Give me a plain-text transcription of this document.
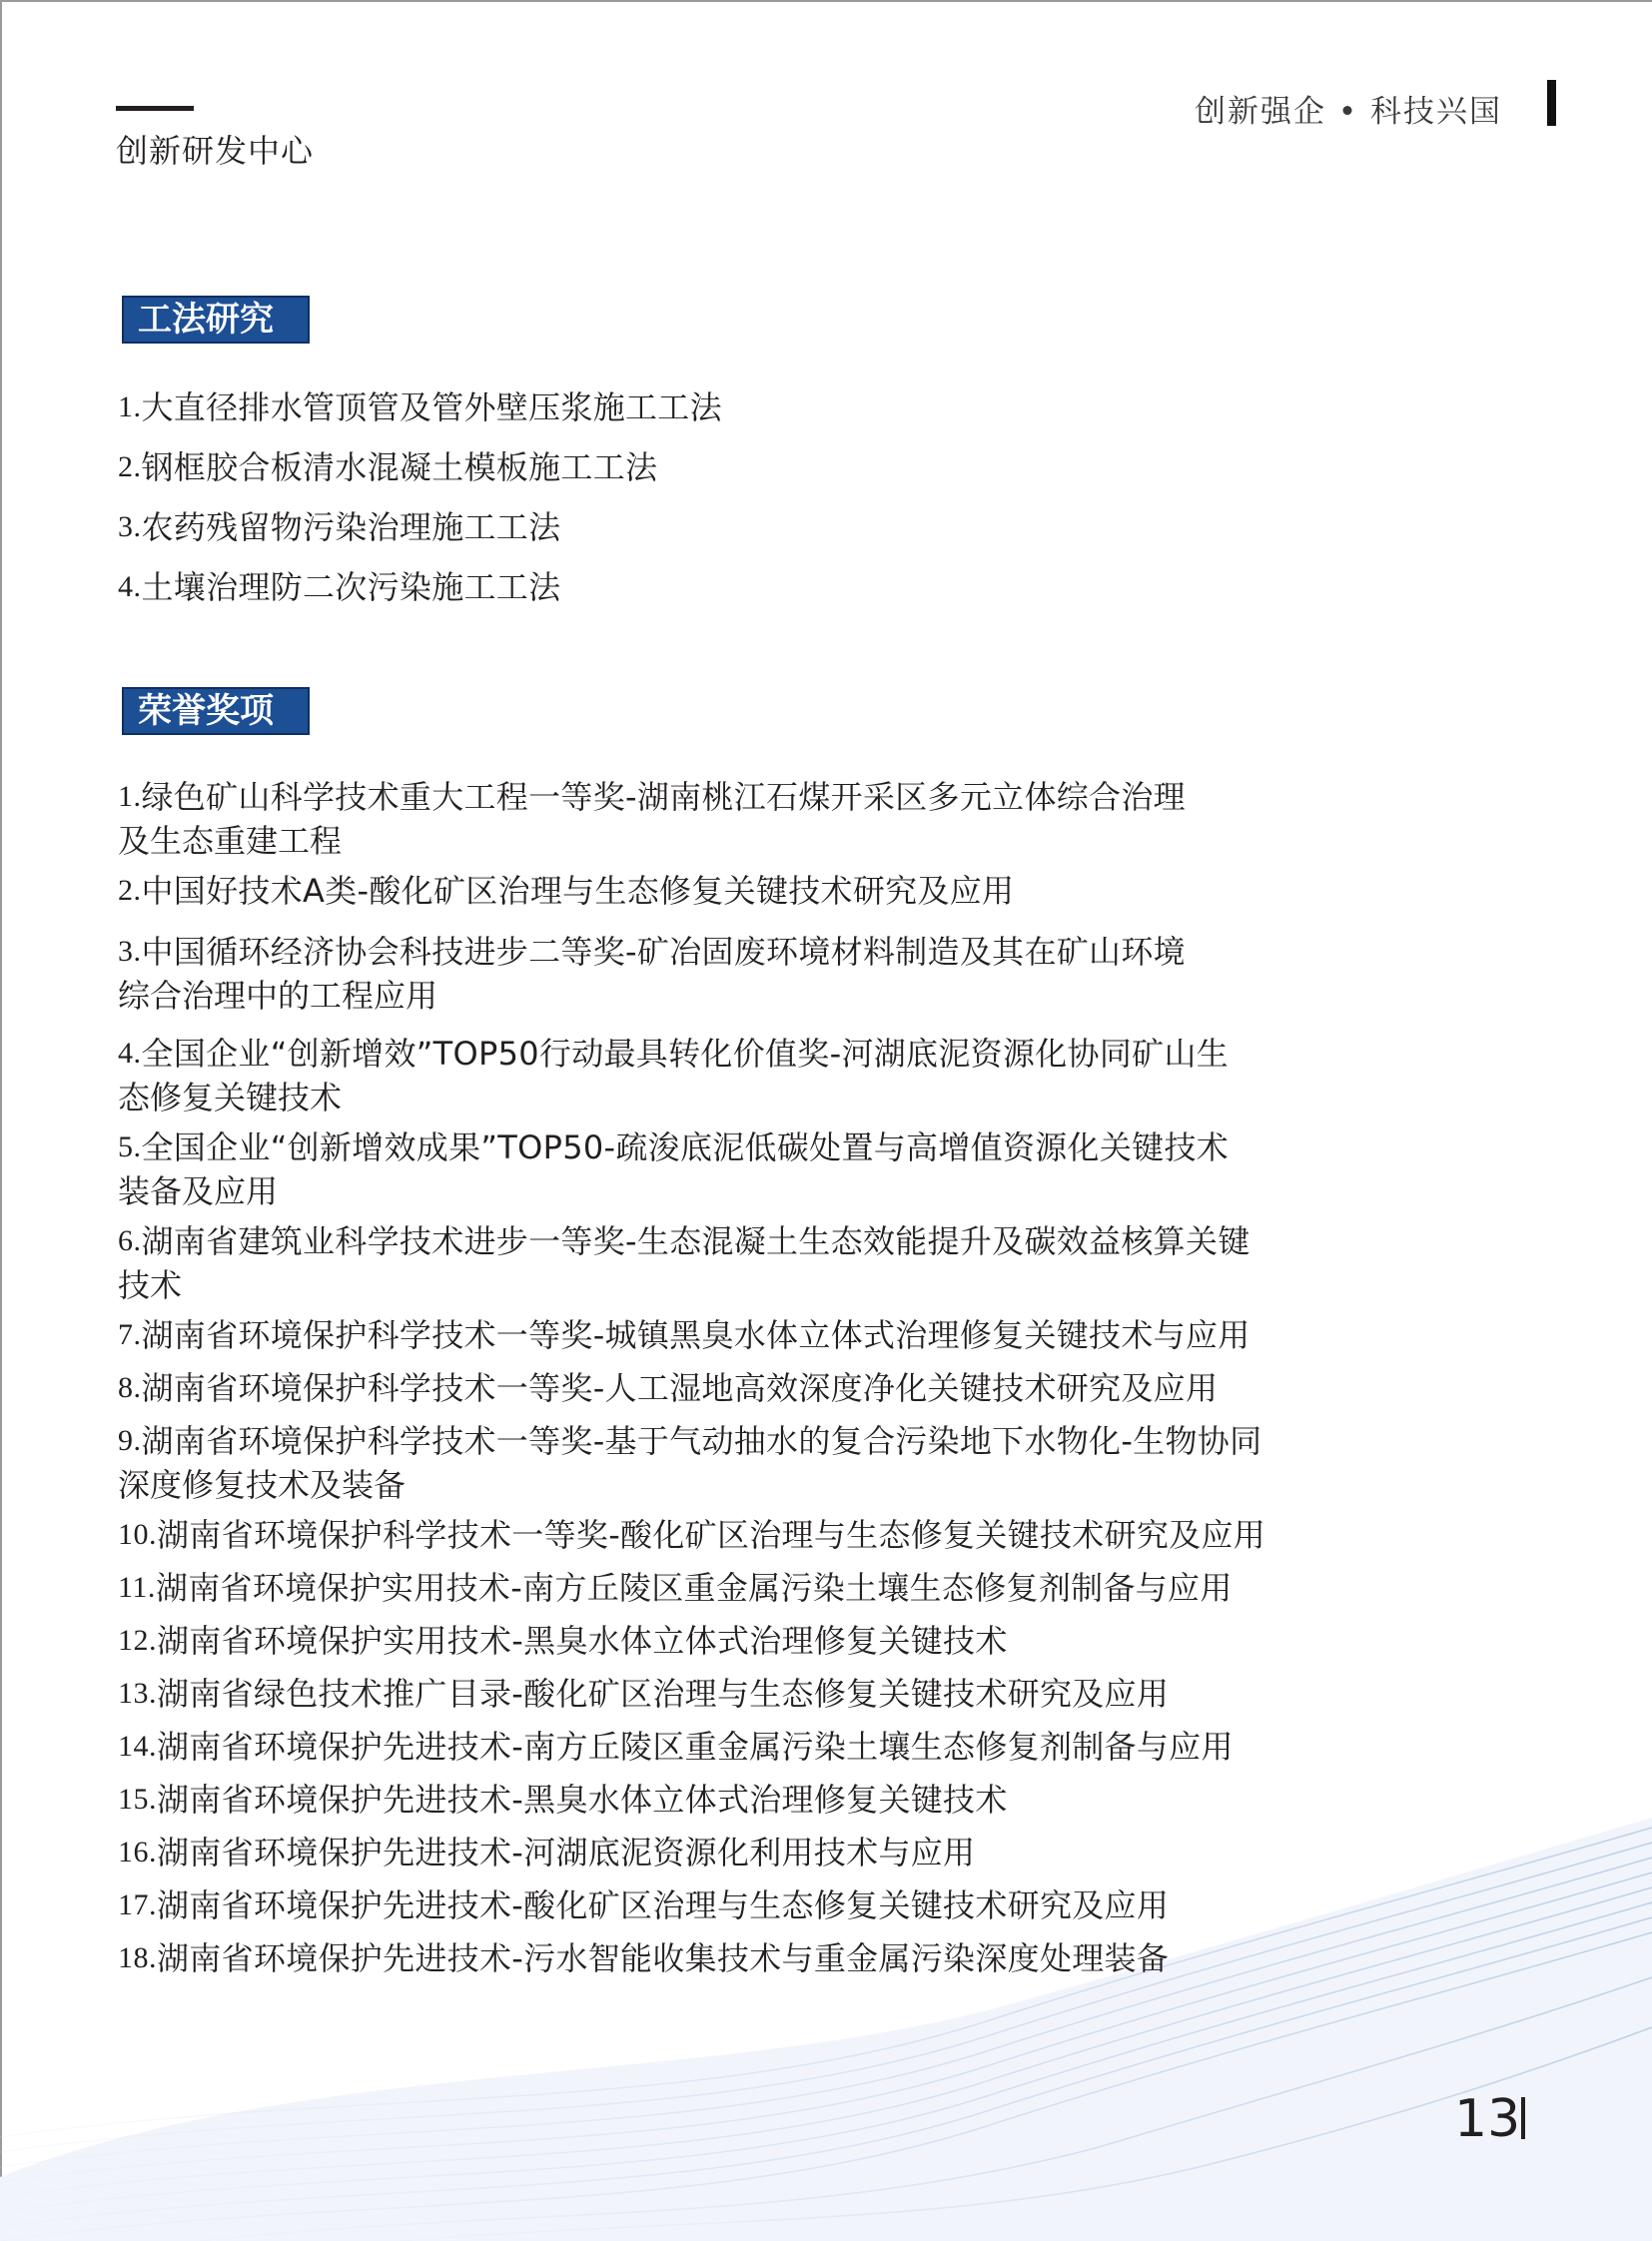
创新研发中心
创新强企 • 科技兴国
工法研究
1. 大直径排水管顶管及管外壁压浆施工工法
2. 钢框胶合板清水混凝土模板施工工法
3. 农药残留物污染治理施工工法
4. 土壤治理防二次污染施工工法
荣誉奖项
1. 绿色矿山科学技术重大工程一等奖-湖南桃江石煤开采区多元立体综合治理
及生态重建工程
2. 中国好技术A类-酸化矿区治理与生态修复关键技术研究及应用
3. 中国循环经济协会科技进步二等奖-矿冶固废环境材料制造及其在矿山环境
综合治理中的工程应用
4. 全国企业“创新增效”TOP50行动最具转化价值奖-河湖底泥资源化协同矿山生
态修复关键技术
5. 全国企业“创新增效成果”TOP50-疏浚底泥低碳处置与高增值资源化关键技术
装备及应用
6. 湖南省建筑业科学技术进步一等奖-生态混凝土生态效能提升及碳效益核算关键
技术
7. 湖南省环境保护科学技术一等奖-城镇黑臭水体立体式治理修复关键技术与应用
8. 湖南省环境保护科学技术一等奖-人工湿地高效深度净化关键技术研究及应用
9. 湖南省环境保护科学技术一等奖-基于气动抽水的复合污染地下水物化-生物协同
深度修复技术及装备
10. 湖南省环境保护科学技术一等奖-酸化矿区治理与生态修复关键技术研究及应用
11. 湖南省环境保护实用技术-南方丘陵区重金属污染土壤生态修复剂制备与应用
12. 湖南省环境保护实用技术-黑臭水体立体式治理修复关键技术
13. 湖南省绿色技术推广目录-酸化矿区治理与生态修复关键技术研究及应用
14. 湖南省环境保护先进技术-南方丘陵区重金属污染土壤生态修复剂制备与应用
15. 湖南省环境保护先进技术-黑臭水体立体式治理修复关键技术
16. 湖南省环境保护先进技术-河湖底泥资源化利用技术与应用
17. 湖南省环境保护先进技术-酸化矿区治理与生态修复关键技术研究及应用
18. 湖南省环境保护先进技术-污水智能收集技术与重金属污染深度处理装备
13
